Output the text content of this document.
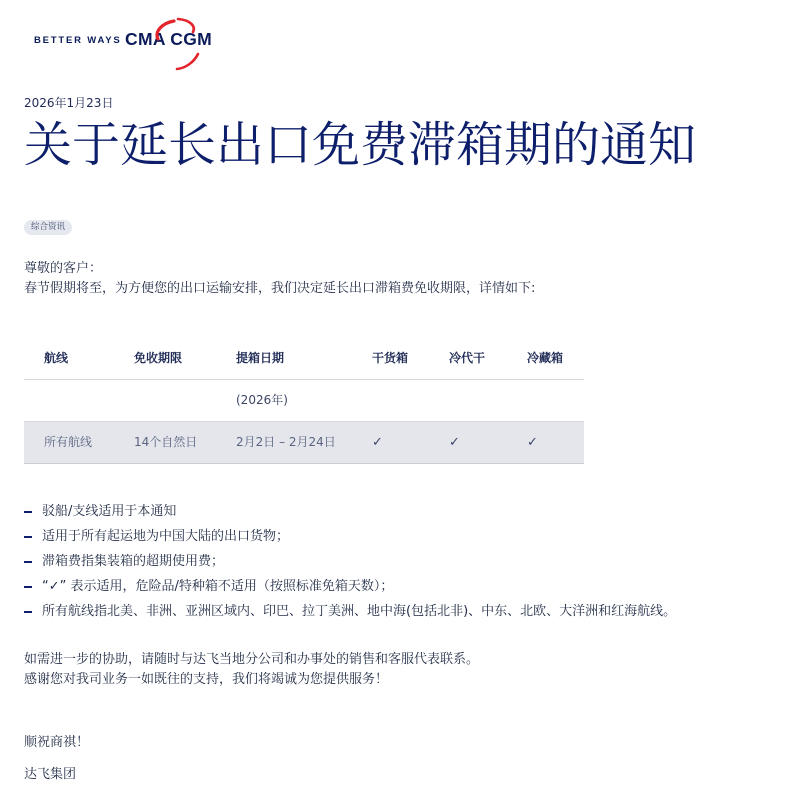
BETTER WAYS CMA CGM
2026年1月23日
关于延长出口免费滞箱期的通知
综合资讯
尊敬的客户：
春节假期将至，为方便您的出口运输安排，我们决定延长出口滞箱费免收期限，详情如下:
航线	免收期限	提箱日期	干货箱	冷代干	冷藏箱
(2026年)
所有航线	14个自然日	2月2日 – 2月24日	✓	✓	✓
驳船/支线适用于本通知
适用于所有起运地为中国大陆的出口货物；
滞箱费指集装箱的超期使用费；
“✓” 表示适用，危险品/特种箱不适用（按照标准免箱天数）；
所有航线指北美、非洲、亚洲区域内、印巴、拉丁美洲、地中海(包括北非)、中东、北欧、大洋洲和红海航线。
如需进一步的协助，请随时与达飞当地分公司和办事处的销售和客服代表联系。
感谢您对我司业务一如既往的支持，我们将竭诚为您提供服务！
顺祝商祺！
达飞集团
